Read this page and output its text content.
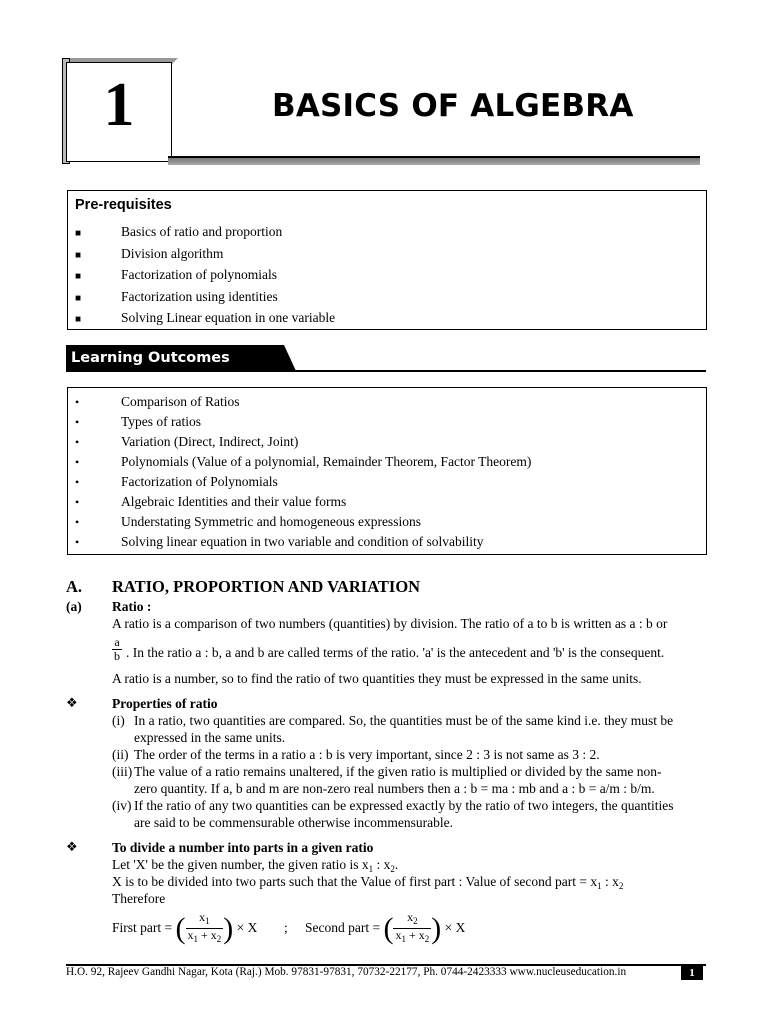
1	BASICS OF ALGEBRA
Pre-requisites
■	Basics of ratio and proportion
■	Division algorithm
■	Factorization of polynomials
■	Factorization using identities
■	Solving Linear equation in one variable
Learning Outcomes
•	Comparison of Ratios
•	Types of ratios
•	Variation (Direct, Indirect, Joint)
•	Polynomials (Value of a polynomial, Remainder Theorem, Factor Theorem)
•	Factorization of Polynomials
•	Algebraic Identities and their value forms
•	Understating Symmetric and homogeneous expressions
•	Solving linear equation in two variable and condition of solvability
A. RATIO, PROPORTION AND VARIATION
(a) Ratio :
A ratio is a comparison of two numbers (quantities) by division. The ratio of a to b is written as a : b or
$\frac{a}{b}$ . In the ratio a : b, a and b are called terms of the ratio. 'a' is the antecedent and 'b' is the consequent.
A ratio is a number, so to find the ratio of two quantities they must be expressed in the same units.
❖	Properties of ratio
(i) In a ratio, two quantities are compared. So, the quantities must be of the same kind i.e. they must be
expressed in the same units.
(ii) The order of the terms in a ratio a : b is very important, since 2 : 3 is not same as 3 : 2.
(iii) The value of a ratio remains unaltered, if the given ratio is multiplied or divided by the same non-
zero quantity. If a, b and m are non-zero real numbers then a : b = ma : mb and a : b = a/m : b/m.
(iv) If the ratio of any two quantities can be expressed exactly by the ratio of two integers, the quantities
are said to be commensurable otherwise incommensurable.
❖	To divide a number into parts in a given ratio
Let 'X' be the given number, the given ratio is $x_1$ : $x_2$.
X is to be divided into two parts such that the Value of first part : Value of second part = $x_1$ : $x_2$
Therefore
First part = ( $\frac{x_1}{x_1 + x_2}$ ) × X ; Second part = ( $\frac{x_2}{x_1 + x_2}$ ) × X
H.O. 92, Rajeev Gandhi Nagar, Kota (Raj.) Mob. 97831-97831, 70732-22177, Ph. 0744-2423333 www.nucleuseducation.in	1
